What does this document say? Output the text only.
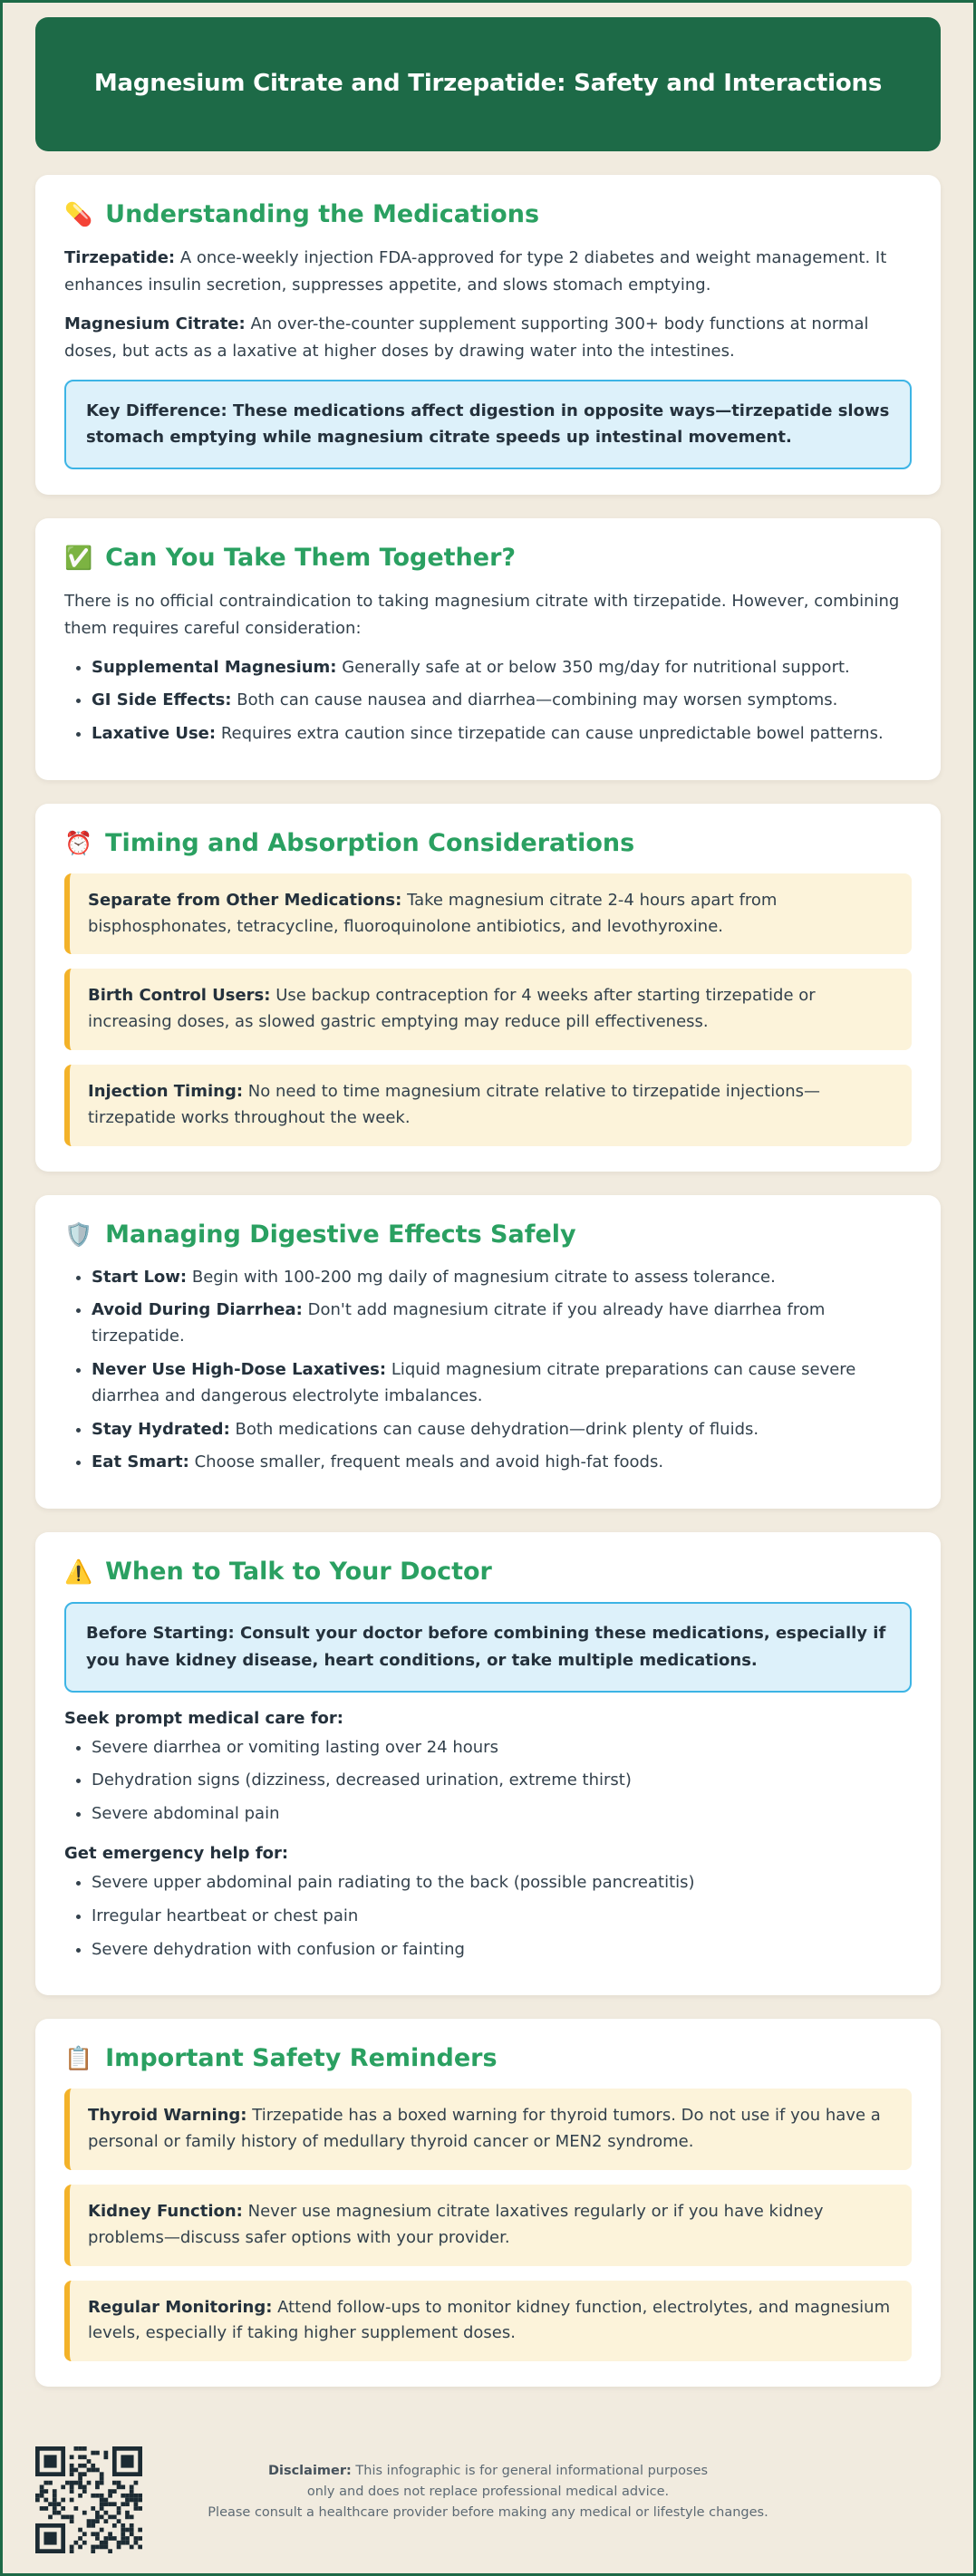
Magnesium Citrate and Tirzepatide: Safety and Interactions
💊 Understanding the Medications

Tirzepatide: A once-weekly injection FDA-approved for type 2 diabetes and weight management. It enhances insulin secretion, suppresses appetite, and slows stomach emptying.

Magnesium Citrate: An over-the-counter supplement supporting 300+ body functions at normal doses, but acts as a laxative at higher doses by drawing water into the intestines.

Key Difference: These medications affect digestion in opposite ways—tirzepatide slows stomach emptying while magnesium citrate speeds up intestinal movement.
✅ Can You Take Them Together?

There is no official contraindication to taking magnesium citrate with tirzepatide. However, combining them requires careful consideration:

• Supplemental Magnesium: Generally safe at or below 350 mg/day for nutritional support.
• GI Side Effects: Both can cause nausea and diarrhea—combining may worsen symptoms.
• Laxative Use: Requires extra caution since tirzepatide can cause unpredictable bowel patterns.
⏰ Timing and Absorption Considerations
Separate from Other Medications: Take magnesium citrate 2-4 hours apart from bisphosphonates, tetracycline, fluoroquinolone antibiotics, and levothyroxine.
Birth Control Users: Use backup contraception for 4 weeks after starting tirzepatide or increasing doses, as slowed gastric emptying may reduce pill effectiveness.
Injection Timing: No need to time magnesium citrate relative to tirzepatide injections—tirzepatide works throughout the week.
🛡️ Managing Digestive Effects Safely
• Start Low: Begin with 100-200 mg daily of magnesium citrate to assess tolerance.
• Avoid During Diarrhea: Don't add magnesium citrate if you already have diarrhea from tirzepatide.
• Never Use High-Dose Laxatives: Liquid magnesium citrate preparations can cause severe diarrhea and dangerous electrolyte imbalances.
• Stay Hydrated: Both medications can cause dehydration—drink plenty of fluids.
• Eat Smart: Choose smaller, frequent meals and avoid high-fat foods.
⚠️ When to Talk to Your Doctor
Before Starting: Consult your doctor before combining these medications, especially if you have kidney disease, heart conditions, or take multiple medications.
Seek prompt medical care for:
• Severe diarrhea or vomiting lasting over 24 hours
• Dehydration signs (dizziness, decreased urination, extreme thirst)
• Severe abdominal pain
Get emergency help for:
• Severe upper abdominal pain radiating to the back (possible pancreatitis)
• Irregular heartbeat or chest pain
• Severe dehydration with confusion or fainting
📋 Important Safety Reminders
Thyroid Warning: Tirzepatide has a boxed warning for thyroid tumors. Do not use if you have a personal or family history of medullary thyroid cancer or MEN2 syndrome.
Kidney Function: Never use magnesium citrate laxatives regularly or if you have kidney problems—discuss safer options with your provider.
Regular Monitoring: Attend follow-ups to monitor kidney function, electrolytes, and magnesium levels, especially if taking higher supplement doses.
Disclaimer: This infographic is for general informational purposes
only and does not replace professional medical advice.
Please consult a healthcare provider before making any medical or lifestyle changes.
